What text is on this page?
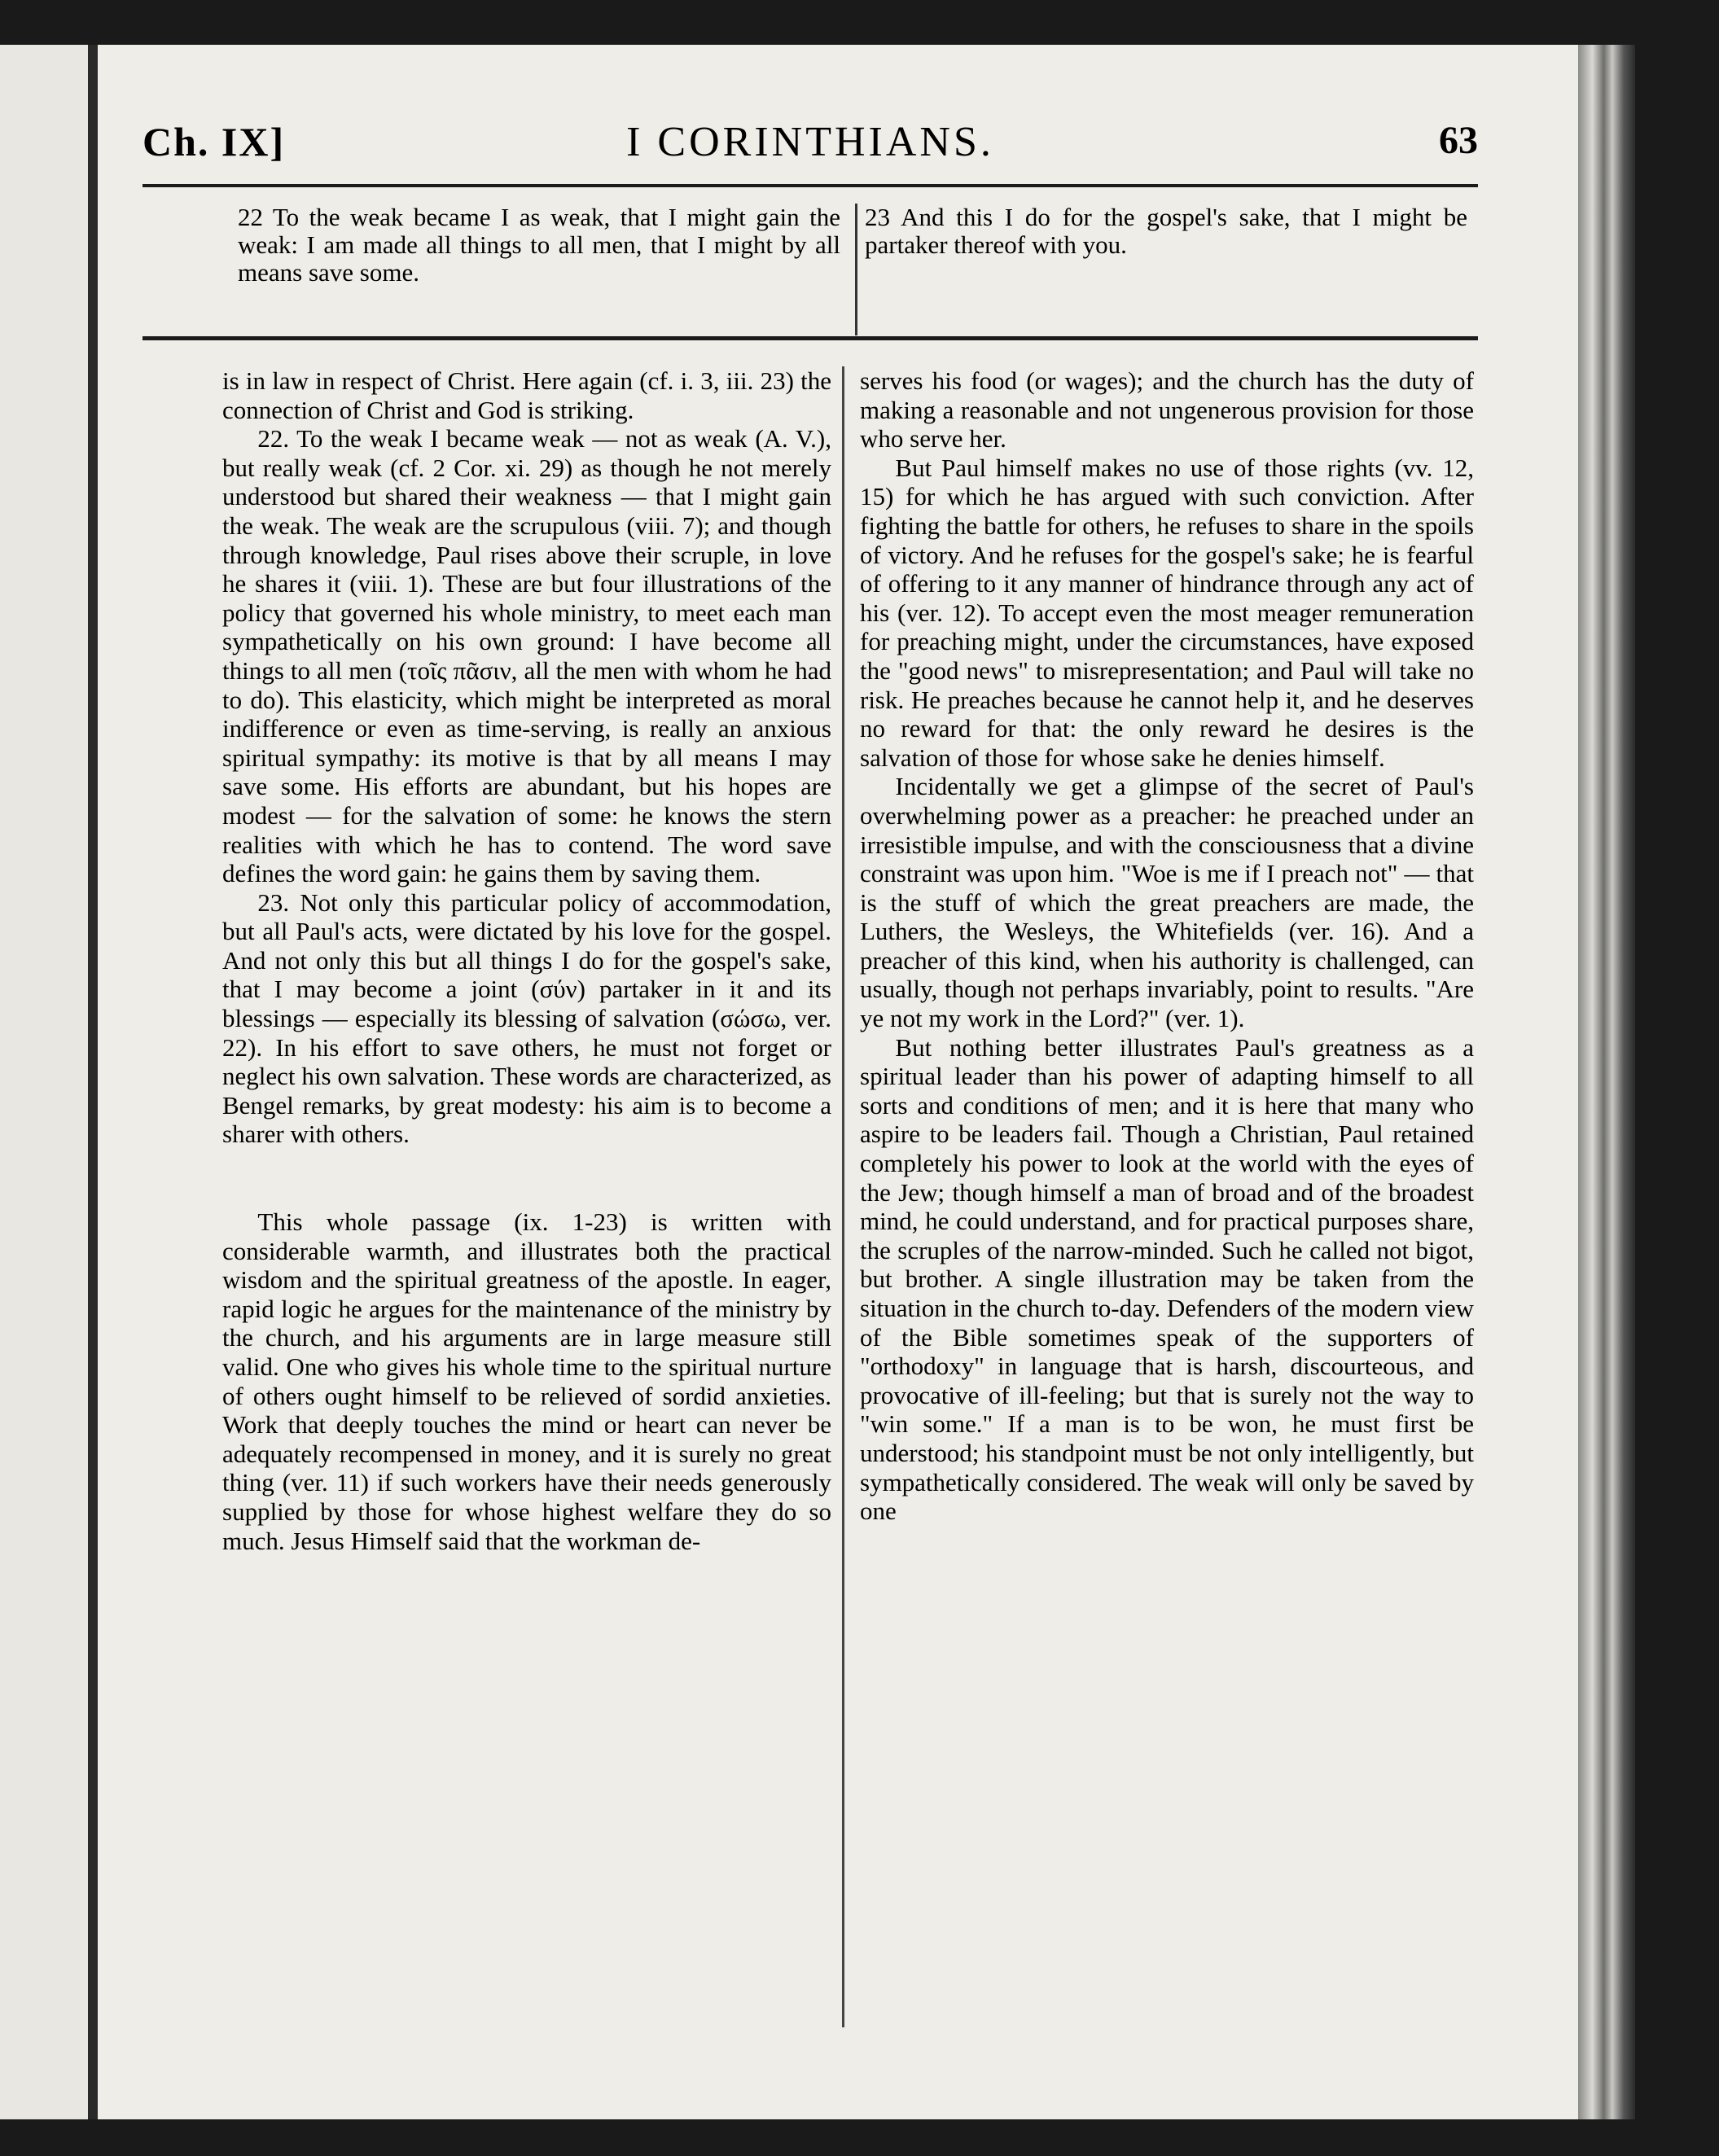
Ch. IX]	I CORINTHIANS.	63

22 To the weak became I as weak, that I might gain the weak: I am made all things to all men, that I might by all means save some.

23 And this I do for the gospel's sake, that I might be partaker thereof with you.

is in law in respect of Christ. Here again (cf. i. 3, iii. 23) the connection of Christ and God is striking.

22. To the weak I became weak — not as weak (A. V.), but really weak (cf. 2 Cor. xi. 29) as though he not merely understood but shared their weakness — that I might gain the weak. The weak are the scrupulous (viii. 7); and though through knowledge, Paul rises above their scruple, in love he shares it (viii. 1). These are but four illustrations of the policy that governed his whole ministry, to meet each man sympathetically on his own ground: I have become all things to all men (τοῖς πᾶσιν, all the men with whom he had to do). This elasticity, which might be interpreted as moral indifference or even as time-serving, is really an anxious spiritual sympathy: its motive is that by all means I may save some. His efforts are abundant, but his hopes are modest — for the salvation of some: he knows the stern realities with which he has to contend. The word save defines the word gain: he gains them by saving them.

23. Not only this particular policy of accommodation, but all Paul's acts, were dictated by his love for the gospel. And not only this but all things I do for the gospel's sake, that I may become a joint (σύν) partaker in it and its blessings — especially its blessing of salvation (σώσω, ver. 22). In his effort to save others, he must not forget or neglect his own salvation. These words are characterized, as Bengel remarks, by great modesty: his aim is to become a sharer with others.

This whole passage (ix. 1-23) is written with considerable warmth, and illustrates both the practical wisdom and the spiritual greatness of the apostle. In eager, rapid logic he argues for the maintenance of the ministry by the church, and his arguments are in large measure still valid. One who gives his whole time to the spiritual nurture of others ought himself to be relieved of sordid anxieties. Work that deeply touches the mind or heart can never be adequately recompensed in money, and it is surely no great thing (ver. 11) if such workers have their needs generously supplied by those for whose highest welfare they do so much. Jesus Himself said that the workman de-

serves his food (or wages); and the church has the duty of making a reasonable and not ungenerous provision for those who serve her.

But Paul himself makes no use of those rights (vv. 12, 15) for which he has argued with such conviction. After fighting the battle for others, he refuses to share in the spoils of victory. And he refuses for the gospel's sake; he is fearful of offering to it any manner of hindrance through any act of his (ver. 12). To accept even the most meager remuneration for preaching might, under the circumstances, have exposed the "good news" to misrepresentation; and Paul will take no risk. He preaches because he cannot help it, and he deserves no reward for that: the only reward he desires is the salvation of those for whose sake he denies himself.

Incidentally we get a glimpse of the secret of Paul's overwhelming power as a preacher: he preached under an irresistible impulse, and with the consciousness that a divine constraint was upon him. "Woe is me if I preach not" — that is the stuff of which the great preachers are made, the Luthers, the Wesleys, the Whitefields (ver. 16). And a preacher of this kind, when his authority is challenged, can usually, though not perhaps invariably, point to results. "Are ye not my work in the Lord?" (ver. 1).

But nothing better illustrates Paul's greatness as a spiritual leader than his power of adapting himself to all sorts and conditions of men; and it is here that many who aspire to be leaders fail. Though a Christian, Paul retained completely his power to look at the world with the eyes of the Jew; though himself a man of broad and of the broadest mind, he could understand, and for practical purposes share, the scruples of the narrow-minded. Such he called not bigot, but brother. A single illustration may be taken from the situation in the church to-day. Defenders of the modern view of the Bible sometimes speak of the supporters of "orthodoxy" in language that is harsh, discourteous, and provocative of ill-feeling; but that is surely not the way to "win some." If a man is to be won, he must first be understood; his standpoint must be not only intelligently, but sympathetically considered. The weak will only be saved by one
